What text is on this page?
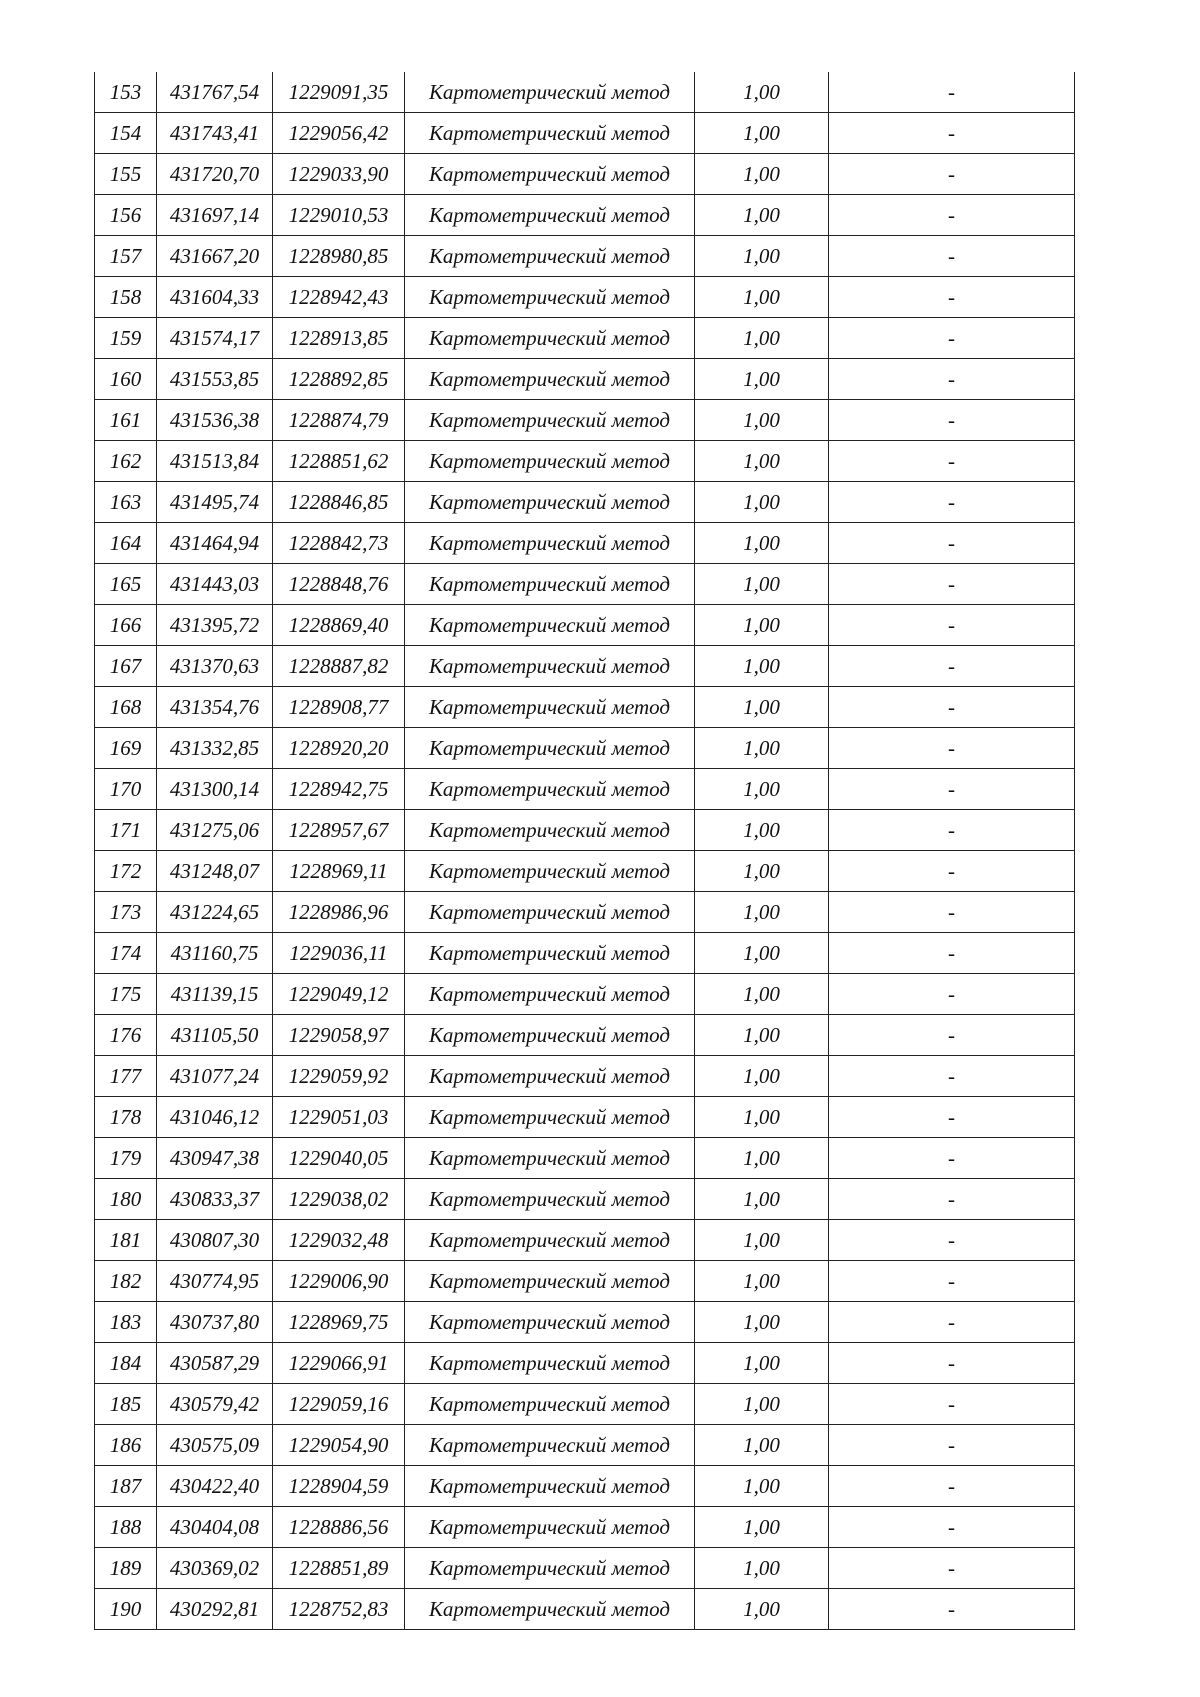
153	431767,54	1229091,35	Картометрический метод	1,00	-
154	431743,41	1229056,42	Картометрический метод	1,00	-
155	431720,70	1229033,90	Картометрический метод	1,00	-
156	431697,14	1229010,53	Картометрический метод	1,00	-
157	431667,20	1228980,85	Картометрический метод	1,00	-
158	431604,33	1228942,43	Картометрический метод	1,00	-
159	431574,17	1228913,85	Картометрический метод	1,00	-
160	431553,85	1228892,85	Картометрический метод	1,00	-
161	431536,38	1228874,79	Картометрический метод	1,00	-
162	431513,84	1228851,62	Картометрический метод	1,00	-
163	431495,74	1228846,85	Картометрический метод	1,00	-
164	431464,94	1228842,73	Картометрический метод	1,00	-
165	431443,03	1228848,76	Картометрический метод	1,00	-
166	431395,72	1228869,40	Картометрический метод	1,00	-
167	431370,63	1228887,82	Картометрический метод	1,00	-
168	431354,76	1228908,77	Картометрический метод	1,00	-
169	431332,85	1228920,20	Картометрический метод	1,00	-
170	431300,14	1228942,75	Картометрический метод	1,00	-
171	431275,06	1228957,67	Картометрический метод	1,00	-
172	431248,07	1228969,11	Картометрический метод	1,00	-
173	431224,65	1228986,96	Картометрический метод	1,00	-
174	431160,75	1229036,11	Картометрический метод	1,00	-
175	431139,15	1229049,12	Картометрический метод	1,00	-
176	431105,50	1229058,97	Картометрический метод	1,00	-
177	431077,24	1229059,92	Картометрический метод	1,00	-
178	431046,12	1229051,03	Картометрический метод	1,00	-
179	430947,38	1229040,05	Картометрический метод	1,00	-
180	430833,37	1229038,02	Картометрический метод	1,00	-
181	430807,30	1229032,48	Картометрический метод	1,00	-
182	430774,95	1229006,90	Картометрический метод	1,00	-
183	430737,80	1228969,75	Картометрический метод	1,00	-
184	430587,29	1229066,91	Картометрический метод	1,00	-
185	430579,42	1229059,16	Картометрический метод	1,00	-
186	430575,09	1229054,90	Картометрический метод	1,00	-
187	430422,40	1228904,59	Картометрический метод	1,00	-
188	430404,08	1228886,56	Картометрический метод	1,00	-
189	430369,02	1228851,89	Картометрический метод	1,00	-
190	430292,81	1228752,83	Картометрический метод	1,00	-
